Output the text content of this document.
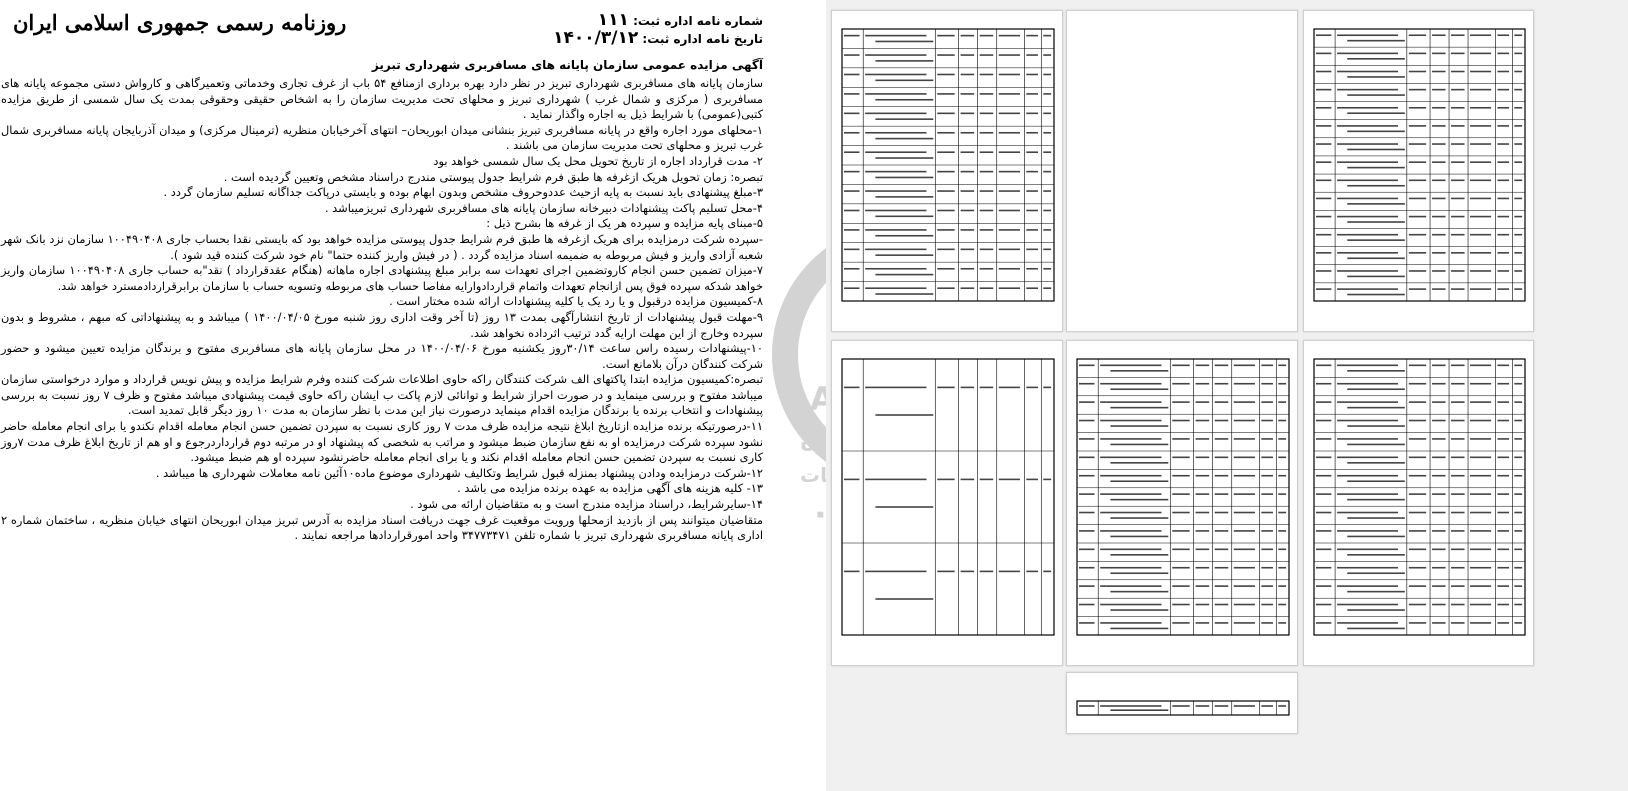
روزنامه رسمی جمهوری اسلامی ایران	شماره نامه اداره ثبت: ۱۱۱
تاریخ نامه اداره ثبت: ۱۴۰۰/۳/۱۲
آگهی مزایده عمومی سازمان پایانه های مسافربری شهرداری تبریز

سازمان پایانه های مسافربری شهرداری تبریز در نظر دارد بهره برداری ازمنافع ۵۴ باب از غرف تجاری وخدماتی وتعمیرگاهی و کارواش دستی مجموعه پایانه های مسافربری ( مرکزی و شمال غرب ) شهرداری تبریز و محلهای تحت مدیریت سازمان را به اشخاص حقیقی وحقوقی بمدت یک سال شمسی از طریق مزایده کتبی(عمومی) با شرایط ذیل به اجاره واگذار نماید .

۱-محلهای مورد اجاره واقع در پایانه مسافربری تبریز بنشانی میدان ابوریحان– انتهای آخرخیابان منظریه (ترمینال مرکزی) و میدان آذربایجان پایانه مسافربری شمال غرب تبریز و محلهای تحت مدیریت سازمان می باشند .

۲- مدت قرارداد اجاره از تاریخ تحویل محل یک سال شمسی خواهد بود

تبصره: زمان تحویل هریک ازغرفه ها طبق فرم شرایط جدول پیوستی مندرج دراسناد مشخص وتعیین گردیده است .

۳-مبلغ پیشنهادی باید نسبت به پایه ازحیث عددوحروف مشخص وبدون ابهام بوده و بایستی درپاکت جداگانه تسلیم سازمان گردد .

۴-محل تسلیم پاکت پیشنهادات دبیرخانه سازمان پایانه های مسافربری شهرداری تبریزمیباشد .

۵-مبنای پایه مزایده و سپرده هر یک از غرفه ها بشرح ذیل :

-سپرده شرکت درمزایده برای هریک ازغرفه ها طبق فرم شرایط جدول پیوستی مزایده خواهد بود که بایستی نقدا بحساب جاری ۱۰۰۴۹۰۴۰۸ سازمان نزد بانک شهر شعبه آزادی واریز و فیش مربوطه به ضمیمه اسناد مزایده گردد . ( در فیش واریز کننده حتما" نام خود شرکت کننده قید شود ).

۷-میزان تضمین حسن انجام کاروتضمین اجرای تعهدات سه برابر مبلغ پیشنهادی اجاره ماهانه (هنگام عقدقرارداد ) نقد"به حساب جاری ۱۰۰۴۹۰۴۰۸ سازمان واریز خواهد شدکه سپرده فوق پس ازانجام تعهدات واتمام قراردادوارایه مفاصا حساب های مربوطه وتسویه حساب با سازمان برابرقراردادمسترد خواهد شد.

۸-کمیسیون مزایده درقبول و یا رد یک یا کلیه پیشنهادات ارائه شده مختار است .

۹-مهلت قبول پیشنهادات از تاریخ انتشارآگهی بمدت ۱۳ روز (تا آخر وقت اداری روز شنبه مورخ ۱۴۰۰/۰۴/۰۵ ) میباشد و به پیشنهاداتی که مبهم ، مشروط و بدون سپرده وخارج از این مهلت ارایه گدد ترتیب اثرداده نخواهد شد.

۱۰-پیشنهادات رسیده راس ساعت ۳۰/۱۴روز یکشنبه مورخ ۱۴۰۰/۰۴/۰۶ در محل سازمان پایانه های مسافربری مفتوح و برندگان مزایده تعیین میشود و حضور شرکت کنندگان درآن بلامانع است.

تبصره:کمیسیون مزایده ابتدا پاکتهای الف شرکت کنندگان راکه حاوی اطلاعات شرکت کننده وفرم شرایط مزایده و پیش نویس قرارداد و موارد درخواستی سازمان میباشد مفتوح و بررسی مینماید و در صورت احراز شرایط و توانائی لازم پاکت ب ایشان راکه حاوی قیمت پیشنهادی میباشد مفتوح و ظرف ۷ روز نسبت به بررسی پیشنهادات و انتخاب برنده یا برندگان مزایده اقدام مینماید درصورت نیاز این مدت با نظر سازمان به مدت ۱۰ روز دیگر قابل تمدید است.

۱۱-درصورتیکه برنده مزایده ازتاریخ ابلاغ نتیجه مزایده ظرف مدت ۷ روز کاری نسبت به سپردن تضمین حسن انجام معامله اقدام نکندو یا برای انجام معامله حاضر نشود سپرده شرکت درمزایده او به نفع سازمان ضبط میشود و مراتب به شخصی که پیشنهاد او در مرتبه دوم قرارداردرجوع و او هم از تاریخ ابلاغ ظرف مدت ۷روز کاری نسبت به سپردن تضمین حسن انجام معامله اقدام نکند و یا برای انجام معامله حاضرنشود سپرده او هم ضبط میشود.

۱۲-شرکت درمزایده ودادن پیشنهاد بمنزله قبول شرایط وتکالیف شهرداری موضوع ماده۱۰آئین نامه معاملات شهرداری ها میباشد .

۱۳- کلیه هزینه های آگهی مزایده به عهده برنده مزایده می باشد .

۱۴-سایرشرایط، دراسناد مزایده مندرج است و به متقاضیان ارائه می شود .

متقاضیان میتوانند پس از بازدید ازمحلها ورویت موقعیت غرف جهت دریافت اسناد مزایده به آدرس تبریز میدان ابوریحان انتهای خیابان منظریه ، ساختمان شماره ۲ اداری پایانه مسافربری شهرداری تبریز با شماره تلفن ۳۴۷۷۳۴۷۱ واحد امورقراردادها مراجعه نمایند .
